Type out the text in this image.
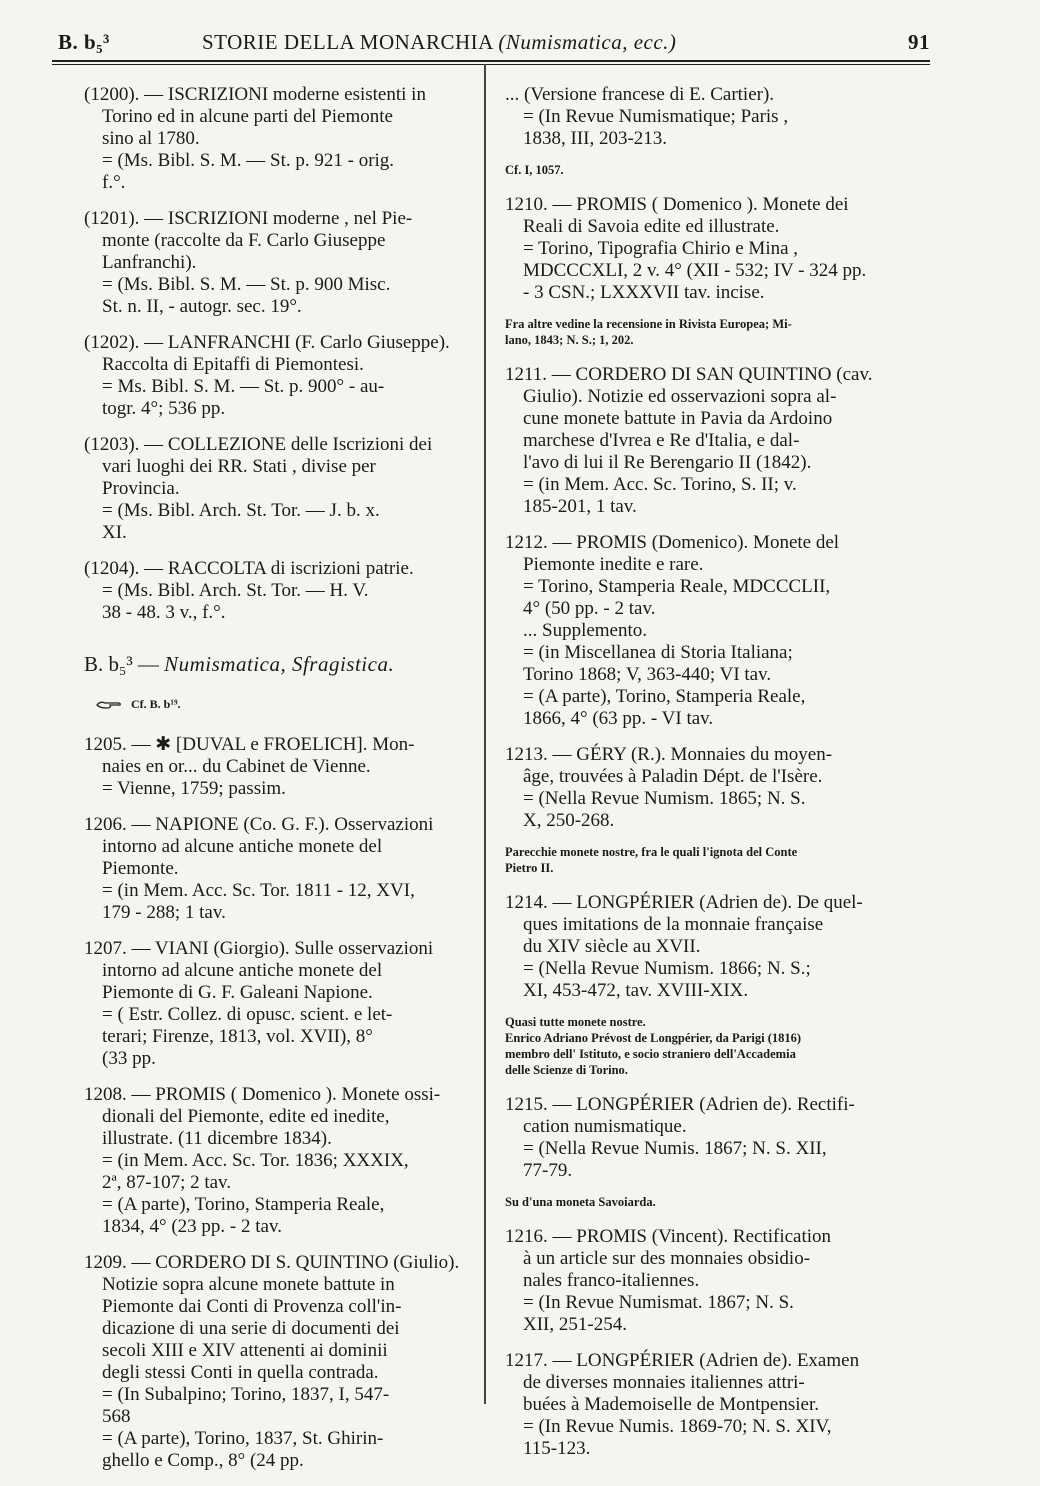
B. b₅³	STORIE DELLA MONARCHIA (Numismatica, ecc.)	91
(1200). — ISCRIZIONI moderne esistenti in
Torino ed in alcune parti del Piemonte
sino al 1780.
= (Ms. Bibl. S. M. — St. p. 921 - orig.
f.°.
(1201). — ISCRIZIONI moderne , nel Pie-
monte (raccolte da F. Carlo Giuseppe
Lanfranchi).
= (Ms. Bibl. S. M. — St. p. 900 Misc.
St. n. II, - autogr. sec. 19°.
(1202). — LANFRANCHI (F. Carlo Giuseppe).
Raccolta di Epitaffi di Piemontesi.
= Ms. Bibl. S. M. — St. p. 900° - au-
togr. 4°; 536 pp.
(1203). — COLLEZIONE delle Iscrizioni dei
vari luoghi dei RR. Stati , divise per
Provincia.
= (Ms. Bibl. Arch. St. Tor. — J. b. x.
XI.
(1204). — RACCOLTA di iscrizioni patrie.
= (Ms. Bibl. Arch. St. Tor. — H. V.
38 - 48. 3 v., f.°.
B. b₅³ — Numismatica, Sfragistica.
Cf. B. b¹⁹.
1205. — ✱ [DUVAL e FROELICH]. Mon-
naies en or... du Cabinet de Vienne.
= Vienne, 1759; passim.
1206. — NAPIONE (Co. G. F.). Osservazioni
intorno ad alcune antiche monete del
Piemonte.
= (in Mem. Acc. Sc. Tor. 1811 - 12, XVI,
179 - 288; 1 tav.
1207. — VIANI (Giorgio). Sulle osservazioni
intorno ad alcune antiche monete del
Piemonte di G. F. Galeani Napione.
= ( Estr. Collez. di opusc. scient. e let-
terari; Firenze, 1813, vol. XVII), 8°
(33 pp.
1208. — PROMIS ( Domenico ). Monete ossi-
dionali del Piemonte, edite ed inedite,
illustrate. (11 dicembre 1834).
= (in Mem. Acc. Sc. Tor. 1836; XXXIX,
2ª, 87-107; 2 tav.
= (A parte), Torino, Stamperia Reale,
1834, 4° (23 pp. - 2 tav.
1209. — CORDERO DI S. QUINTINO (Giulio).
Notizie sopra alcune monete battute in
Piemonte dai Conti di Provenza coll'in-
dicazione di una serie di documenti dei
secoli XIII e XIV attenenti ai dominii
degli stessi Conti in quella contrada.
= (In Subalpino; Torino, 1837, I, 547-
568
= (A parte), Torino, 1837, St. Ghirin-
ghello e Comp., 8° (24 pp.
... (Versione francese di E. Cartier).
= (In Revue Numismatique; Paris ,
1838, III, 203-213.
Cf. I, 1057.
1210. — PROMIS ( Domenico ). Monete dei
Reali di Savoia edite ed illustrate.
= Torino, Tipografia Chirio e Mina ,
MDCCCXLI, 2 v. 4° (XII - 532; IV - 324 pp.
- 3 CSN.; LXXXVII tav. incise.
Fra altre vedine la recensione in Rivista Europea; Mi-
lano, 1843; N. S.; 1, 202.
1211. — CORDERO DI SAN QUINTINO (cav.
Giulio). Notizie ed osservazioni sopra al-
cune monete battute in Pavia da Ardoino
marchese d'Ivrea e Re d'Italia, e dal-
l'avo di lui il Re Berengario II (1842).
= (in Mem. Acc. Sc. Torino, S. II; v.
185-201, 1 tav.
1212. — PROMIS (Domenico). Monete del
Piemonte inedite e rare.
= Torino, Stamperia Reale, MDCCCLII,
4° (50 pp. - 2 tav.
... Supplemento.
= (in Miscellanea di Storia Italiana;
Torino 1868; V, 363-440; VI tav.
= (A parte), Torino, Stamperia Reale,
1866, 4° (63 pp. - VI tav.
1213. — GÉRY (R.). Monnaies du moyen-
âge, trouvées à Paladin Dépt. de l'Isère.
= (Nella Revue Numism. 1865; N. S.
X, 250-268.
Parecchie monete nostre, fra le quali l'ignota del Conte
Pietro II.
1214. — LONGPÉRIER (Adrien de). De quel-
ques imitations de la monnaie française
du XIV siècle au XVII.
= (Nella Revue Numism. 1866; N. S.;
XI, 453-472, tav. XVIII-XIX.
Quasi tutte monete nostre.
Enrico Adriano Prévost de Longpérier, da Parigi (1816)
membro dell' Istituto, e socio straniero dell'Accademia
delle Scienze di Torino.
1215. — LONGPÉRIER (Adrien de). Rectifi-
cation numismatique.
= (Nella Revue Numis. 1867; N. S. XII,
77-79.
Su d'una moneta Savoiarda.
1216. — PROMIS (Vincent). Rectification
à un article sur des monnaies obsidio-
nales franco-italiennes.
= (In Revue Numismat. 1867; N. S.
XII, 251-254.
1217. — LONGPÉRIER (Adrien de). Examen
de diverses monnaies italiennes attri-
buées à Mademoiselle de Montpensier.
= (In Revue Numis. 1869-70; N. S. XIV,
115-123.
